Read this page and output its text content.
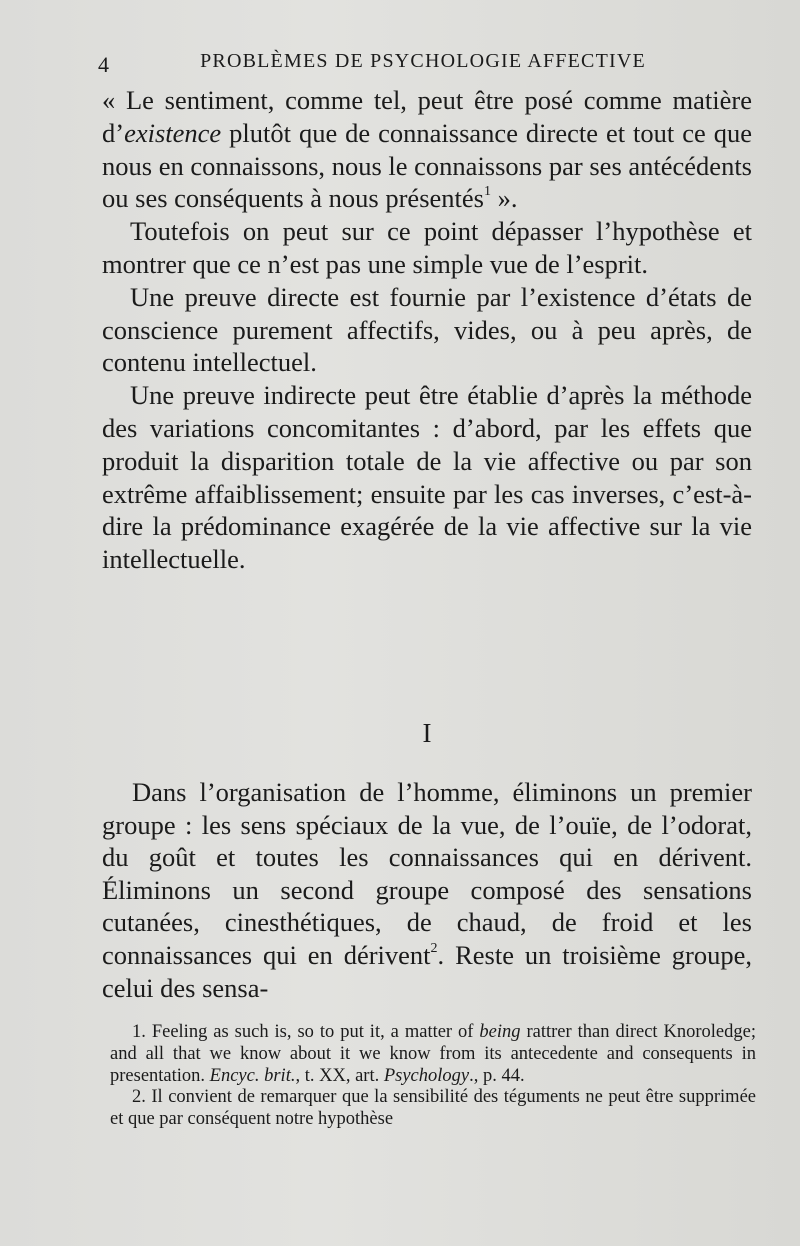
4	PROBLÈMES DE PSYCHOLOGIE AFFECTIVE

« Le sentiment, comme tel, peut être posé comme matière d’existence plutôt que de connaissance directe et tout ce que nous en connaissons, nous le connaissons par ses antécédents ou ses conséquents à nous présentés$^1$ ».

Toutefois on peut sur ce point dépasser l’hypothèse et montrer que ce n’est pas une simple vue de l’esprit.

Une preuve directe est fournie par l’existence d’états de conscience purement affectifs, vides, ou à peu après, de contenu intellectuel.

Une preuve indirecte peut être établie d’après la méthode des variations concomitantes : d’abord, par les effets que produit la disparition totale de la vie affective ou par son extrême affaiblissement; ensuite par les cas inverses, c’est-à-dire la prédominance exagérée de la vie affective sur la vie intellectuelle.

I

Dans l’organisation de l’homme, éliminons un premier groupe : les sens spéciaux de la vue, de l’ouïe, de l’odorat, du goût et toutes les connaissances qui en dérivent. Éliminons un second groupe composé des sensations cutanées, cinesthétiques, de chaud, de froid et les connaissances qui en dérivent$^2$. Reste un troisième groupe, celui des sensa-

1. Feeling as such is, so to put it, a matter of being rattrer than direct Knoroledge; and all that we know about it we know from its antecedente and consequents in presentation. Encyc. brit., t. XX, art. Psychology., p. 44.

2. Il convient de remarquer que la sensibilité des téguments ne peut être supprimée et que par conséquent notre hypothèse
